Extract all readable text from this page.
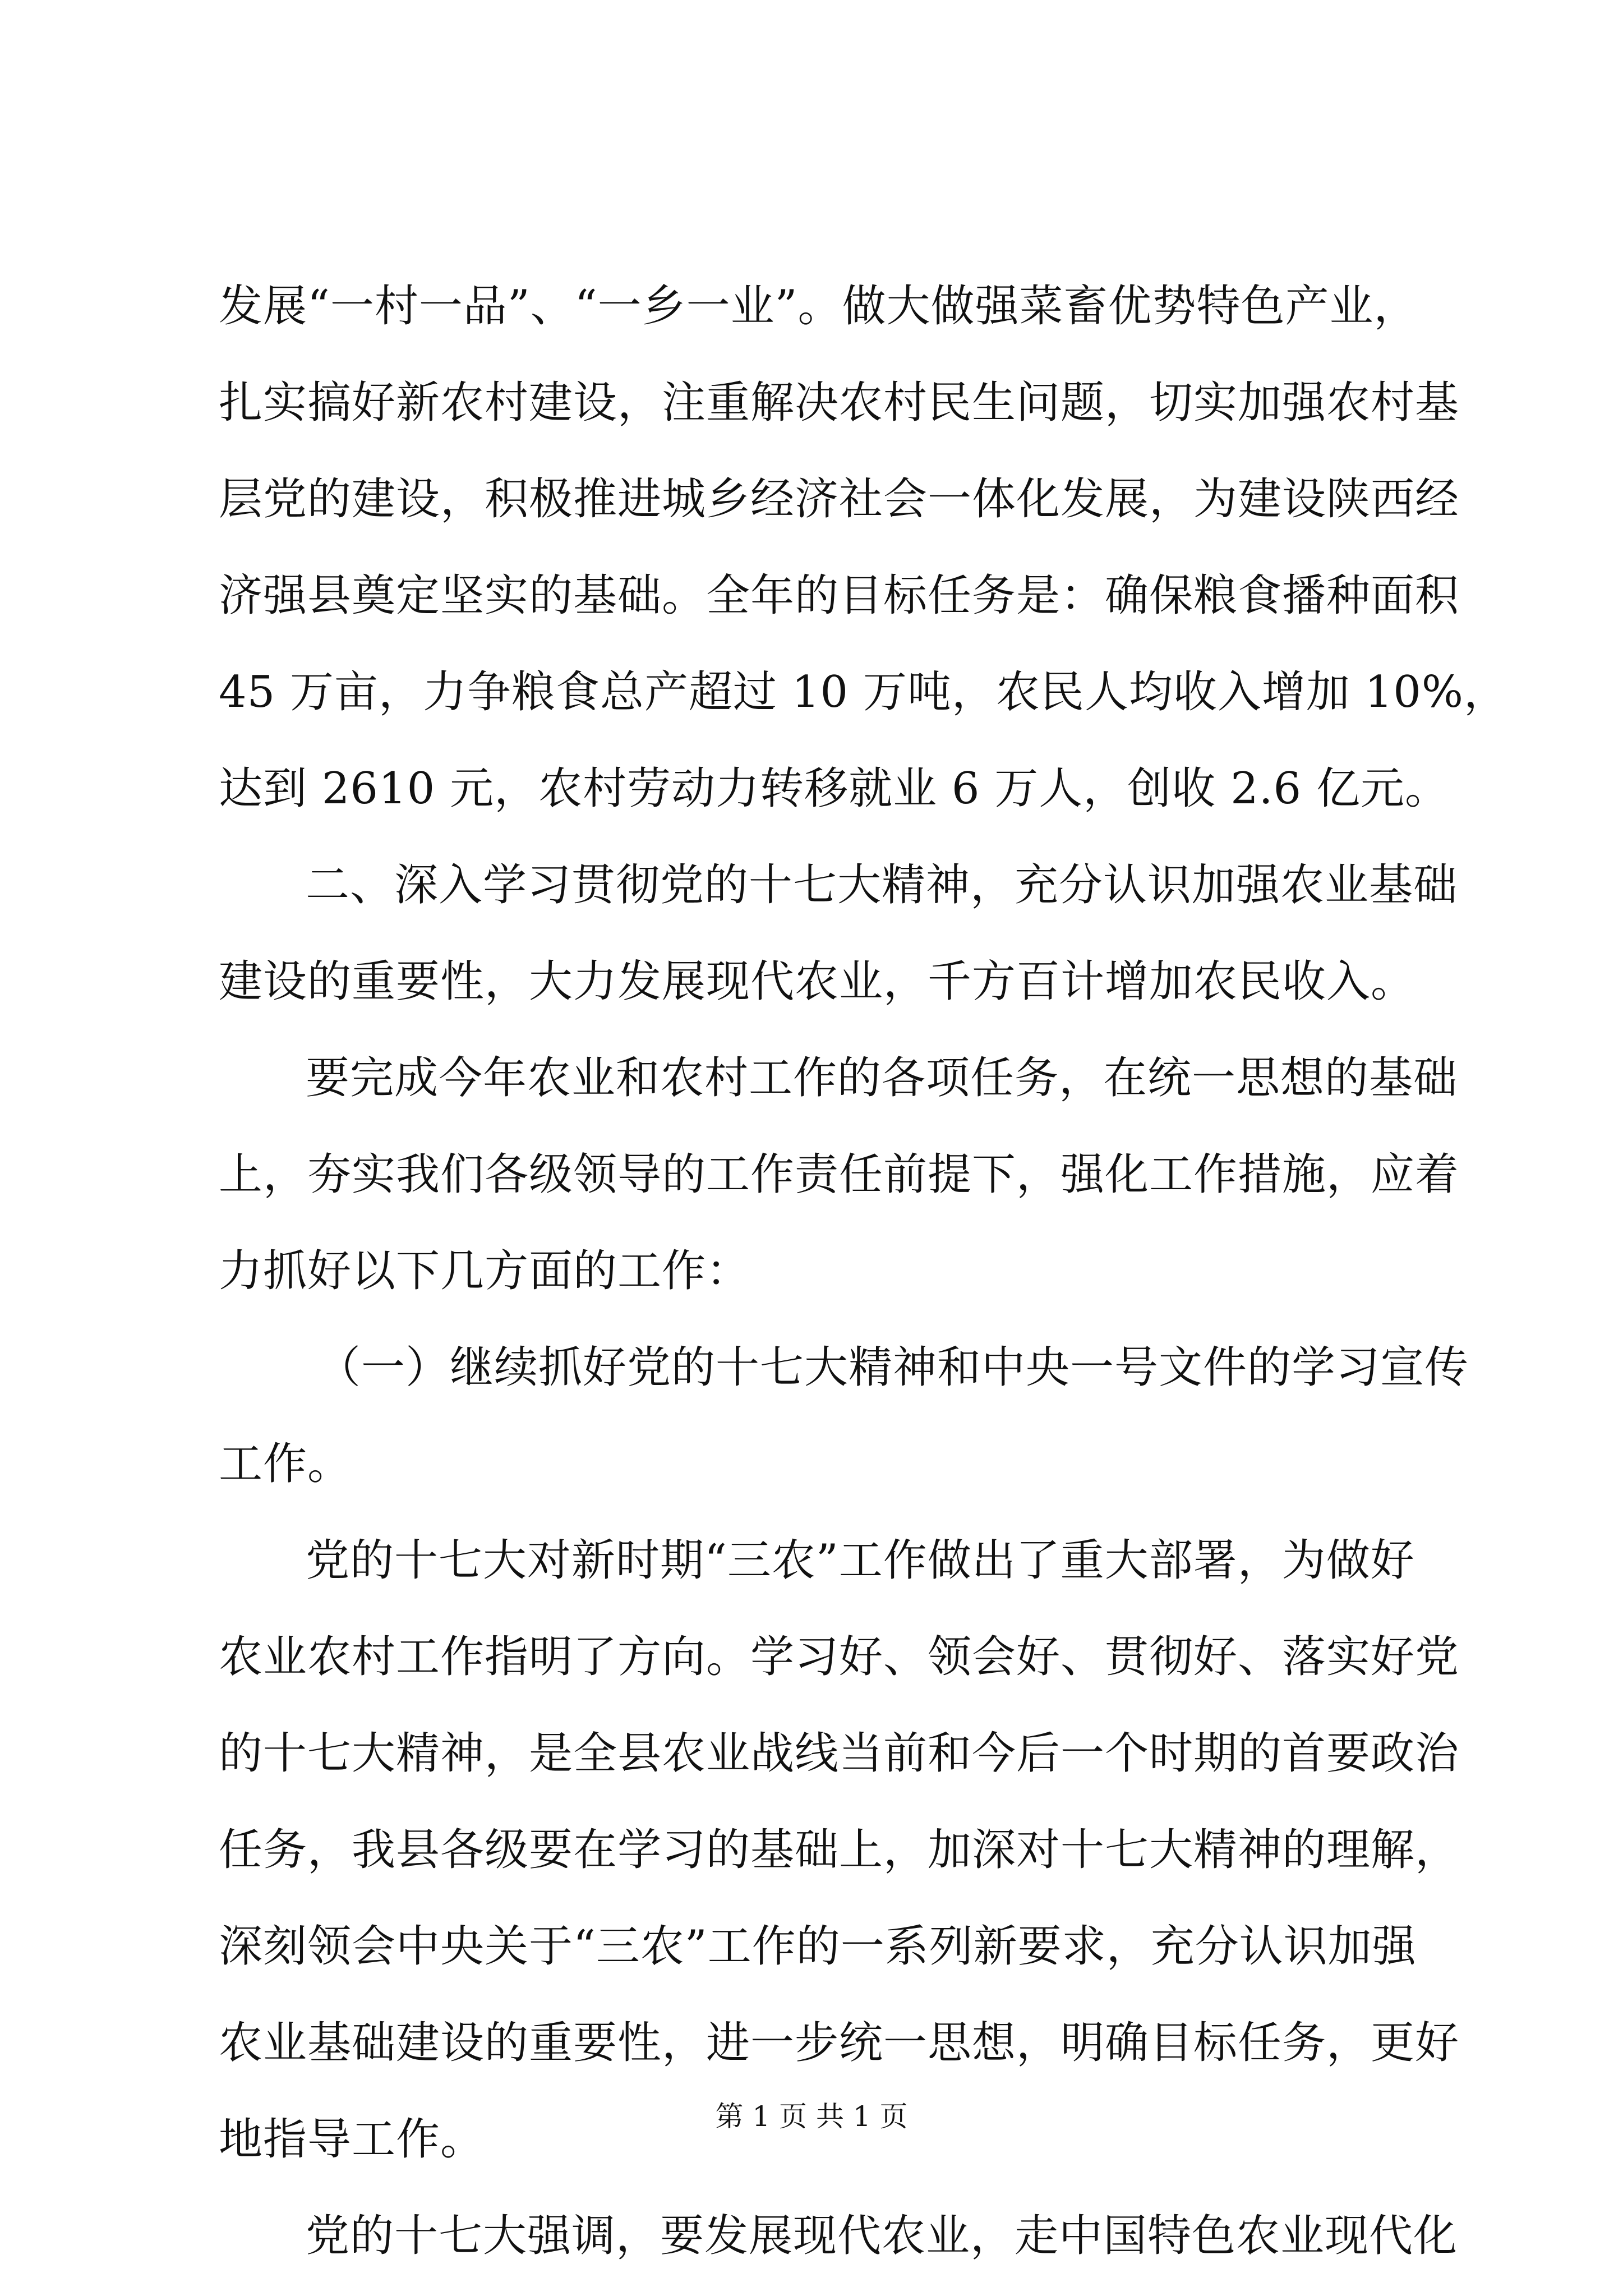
发展“一村一品”、“一乡一业”。做大做强菜畜优势特色产业，
扎实搞好新农村建设，注重解决农村民生问题，切实加强农村基
层党的建设，积极推进城乡经济社会一体化发展，为建设陕西经
济强县奠定坚实的基础。全年的目标任务是：确保粮食播种面积
45 万亩，力争粮食总产超过 10 万吨，农民人均收入增加 10%，
达到 2610 元，农村劳动力转移就业 6 万人，创收 2.6 亿元。
二、深入学习贯彻党的十七大精神，充分认识加强农业基础
建设的重要性，大力发展现代农业，千方百计增加农民收入。
要完成今年农业和农村工作的各项任务，在统一思想的基础
上，夯实我们各级领导的工作责任前提下，强化工作措施，应着
力抓好以下几方面的工作：
（一）继续抓好党的十七大精神和中央一号文件的学习宣传
工作。
党的十七大对新时期“三农”工作做出了重大部署，为做好
农业农村工作指明了方向。学习好、领会好、贯彻好、落实好党
的十七大精神，是全县农业战线当前和今后一个时期的首要政治
任务，我县各级要在学习的基础上，加深对十七大精神的理解，
深刻领会中央关于“三农”工作的一系列新要求，充分认识加强
农业基础建设的重要性，进一步统一思想，明确目标任务，更好
地指导工作。
党的十七大强调，要发展现代农业，走中国特色农业现代化
第 1 页 共 1 页
